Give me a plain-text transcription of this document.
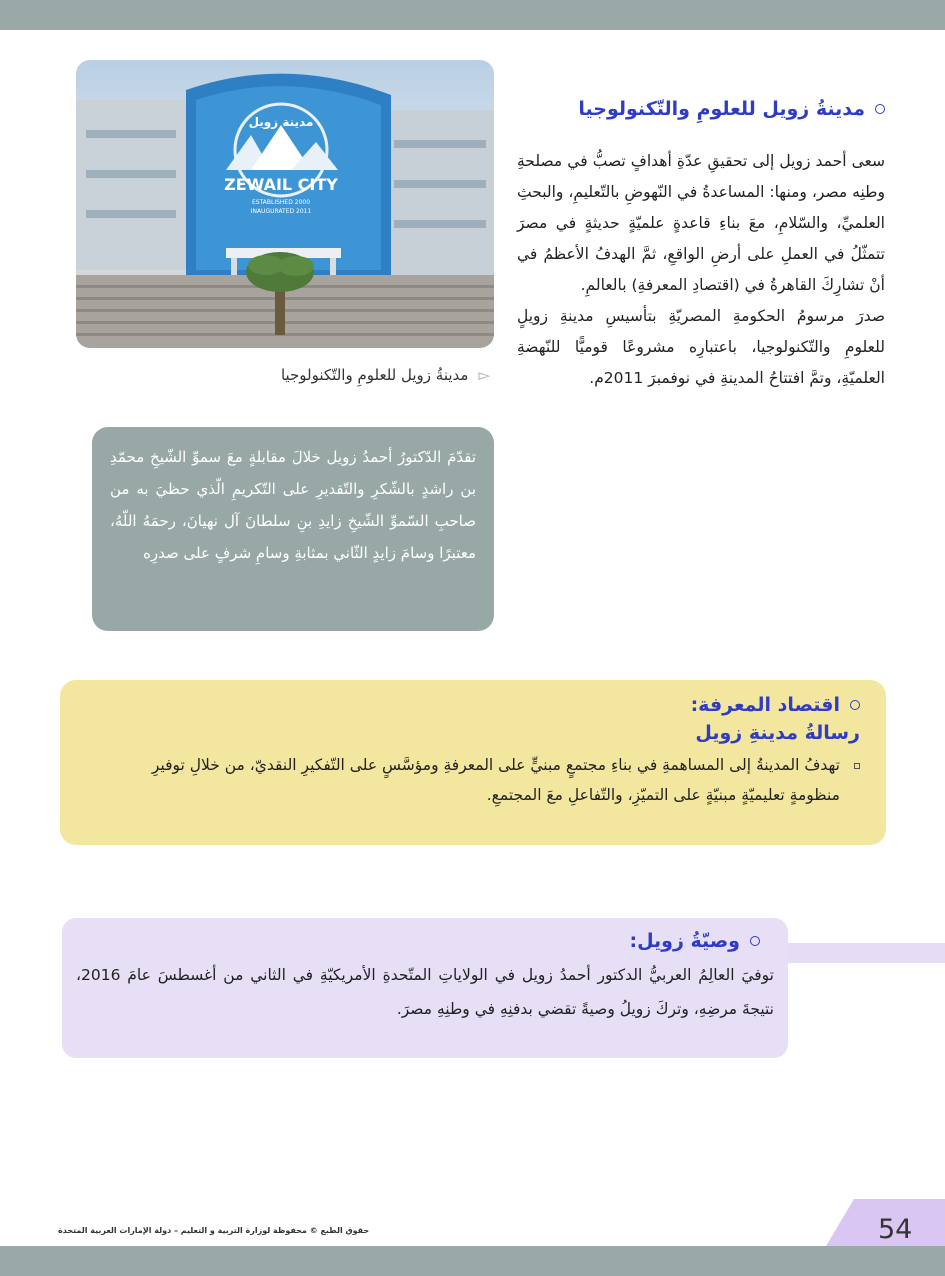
ZEWAIL CITY
مدينة زويل
ESTABLISHED 2000
INAUGURATED 2011
▻
مدينةُ زويل للعلومِ والتّكنولوجيا

تقدّمَ الدّكتورُ أحمدُ زويل خلالَ مقابلةٍ معَ سموِّ الشّيخِ محمّدِ بن راشدٍ بالشّكرِ والتّقديرِ على التّكريمِ الّذي حظيَ به من صاحبِ السّموِّ الشّيخِ زايدِ بنِ سلطانَ آل نهيانَ، رحمَهُ اللّهُ، معتبرًا وسامَ زايدٍ الثّاني بمثابةِ وسامِ شرفٍ على صدرِه

مدينةُ زويل للعلومِ والتّكنولوجيا

سعى أحمد زويل إلى تحقيقِ عدّةِ أهدافٍ تصبُّ في مصلحةِ وطنِه مصر، ومنها: المساعدةُ في النّهوضِ بالتّعليمِ، والبحثِ العلميِّ، والسّلامِ، معَ بناءِ قاعدةٍ علميّةٍ حديثةٍ في مصرَ تتمثّلُ في العملِ على أرضِ الواقعِ، ثمَّ الهدفُ الأعظمُ في أنْ تشارِكَ القاهرةُ في (اقتصادِ المعرفةِ) بالعالمِ.

صدرَ مرسومُ الحكومةِ المصريّةِ بتأسيسِ مدينةِ زويلٍ للعلومِ والتّكنولوجيا، باعتبارِه مشروعًا قوميًّا للنّهضةِ العلميّةِ، وتمَّ افتتاحُ المدينةِ في نوفمبرَ 2011م.

اقتصاد المعرفة:
رسالةُ مدينةِ زويل
تهدفُ المدينةُ إلى المساهمةِ في بناءِ مجتمعٍ مبنيٍّ على المعرفةِ ومؤسَّسٍ على التّفكيرِ النقديّ، من خلالِ توفيرِ منظومةٍ تعليميّةٍ مبنيّةٍ على التميّزِ، والتّفاعلِ معَ المجتمعِ.
وصيّةُ زويل:

توفيَ العالِمُ العربيُّ الدكتور أحمدُ زويل في الولاياتِ المتّحدةِ الأمريكيّةِ في الثاني من أغسطسَ عامَ 2016، نتيجةَ مرضِهِ، وتركَ زويلُ وصيةً تقضي بدفنِهِ في وطنِهِ مصرَ.

54
حقوق الطبع © محفوظة لوزارة التربية و التعليم – دولة الإمارات العربية المتحدة
